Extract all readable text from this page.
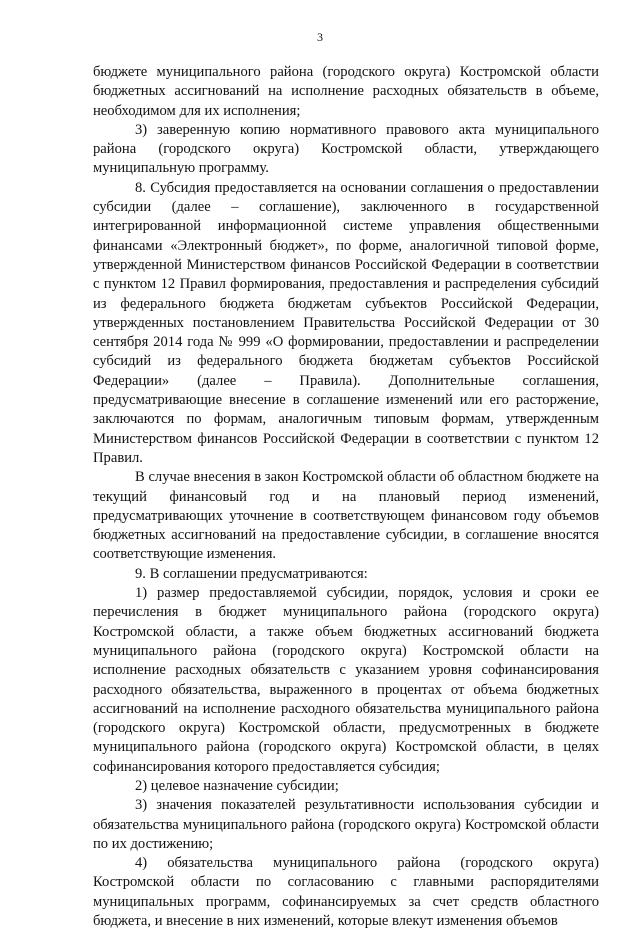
3

бюджете муниципального района (городского округа) Костромской области бюджетных ассигнований на исполнение расходных обязательств в объеме, необходимом для их исполнения;

3) заверенную копию нормативного правового акта муниципального района (городского округа) Костромской области, утверждающего муниципальную программу.

8. Субсидия предоставляется на основании соглашения о предоставлении субсидии (далее – соглашение), заключенного в государственной интегрированной информационной системе управления общественными финансами «Электронный бюджет», по форме, аналогичной типовой форме, утвержденной Министерством финансов Российской Федерации в соответствии с пунктом 12 Правил формирования, предоставления и распределения субсидий из федерального бюджета бюджетам субъектов Российской Федерации, утвержденных постановлением Правительства Российской Федерации от 30 сентября 2014 года № 999 «О формировании, предоставлении и распределении субсидий из федерального бюджета бюджетам субъектов Российской Федерации» (далее – Правила). Дополнительные соглашения, предусматривающие внесение в соглашение изменений или его расторжение, заключаются по формам, аналогичным типовым формам, утвержденным Министерством финансов Российской Федерации в соответствии с пунктом 12 Правил.

В случае внесения в закон Костромской области об областном бюджете на текущий финансовый год и на плановый период изменений, предусматривающих уточнение в соответствующем финансовом году объемов бюджетных ассигнований на предоставление субсидии, в соглашение вносятся соответствующие изменения.

9. В соглашении предусматриваются:

1) размер предоставляемой субсидии, порядок, условия и сроки ее перечисления в бюджет муниципального района (городского округа) Костромской области, а также объем бюджетных ассигнований бюджета муниципального района (городского округа) Костромской области на исполнение расходных обязательств с указанием уровня софинансирования расходного обязательства, выраженного в процентах от объема бюджетных ассигнований на исполнение расходного обязательства муниципального района (городского округа) Костромской области, предусмотренных в бюджете муниципального района (городского округа) Костромской области, в целях софинансирования которого предоставляется субсидия;

2) целевое назначение субсидии;

3) значения показателей результативности использования субсидии и обязательства муниципального района (городского округа) Костромской области по их достижению;

4) обязательства муниципального района (городского округа) Костромской области по согласованию с главными распорядителями муниципальных программ, софинансируемых за счет средств областного бюджета, и внесение в них изменений, которые влекут изменения объемов
